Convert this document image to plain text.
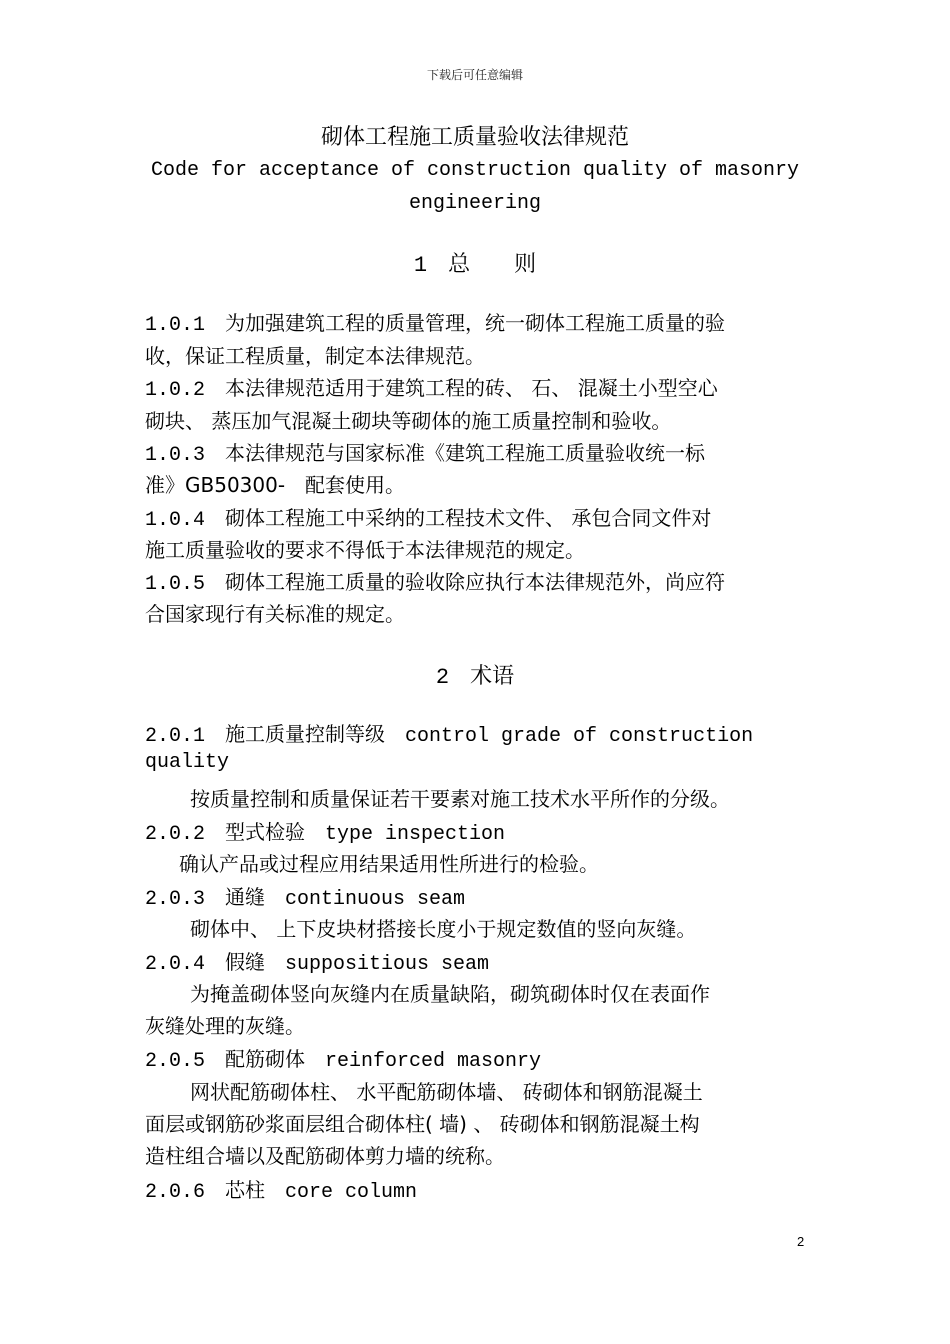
下载后可任意编辑
砌体工程施工质量验收法律规范
Code for acceptance of construction quality of masonry
engineering
1 总　　则
1.0.1　 为加强建筑工程的质量管理，统一砌体工程施工质量的验
收，保证工程质量，制定本法律规范。
1.0.2　 本法律规范适用于建筑工程的砖、 石、 混凝土小型空心
砌块、 蒸压加气混凝土砌块等砌体的施工质量控制和验收。
1.0.3　 本法律规范与国家标准《建筑工程施工质量验收统一标
准》GB50300-　配套使用。
1.0.4　 砌体工程施工中采纳的工程技术文件、 承包合同文件对
施工质量验收的要求不得低于本法律规范的规定。
1.0.5　 砌体工程施工质量的验收除应执行本法律规范外，尚应符
合国家现行有关标准的规定。
2 术语
2.0.1　 施工质量控制等级　 control grade of construction
quality
按质量控制和质量保证若干要素对施工技术水平所作的分级。
2.0.2　 型式检验　 type inspection
确认产品或过程应用结果适用性所进行的检验。
2.0.3　 通缝　 continuous seam
砌体中、 上下皮块材搭接长度小于规定数值的竖向灰缝。
2.0.4　 假缝　 suppositious seam
为掩盖砌体竖向灰缝内在质量缺陷，砌筑砌体时仅在表面作
灰缝处理的灰缝。
2.0.5　 配筋砌体　 reinforced masonry
网状配筋砌体柱、 水平配筋砌体墙、 砖砌体和钢筋混凝土
面层或钢筋砂浆面层组合砌体柱( 墙) 、 砖砌体和钢筋混凝土构
造柱组合墙以及配筋砌体剪力墙的统称。
2.0.6　 芯柱　 core column
2
